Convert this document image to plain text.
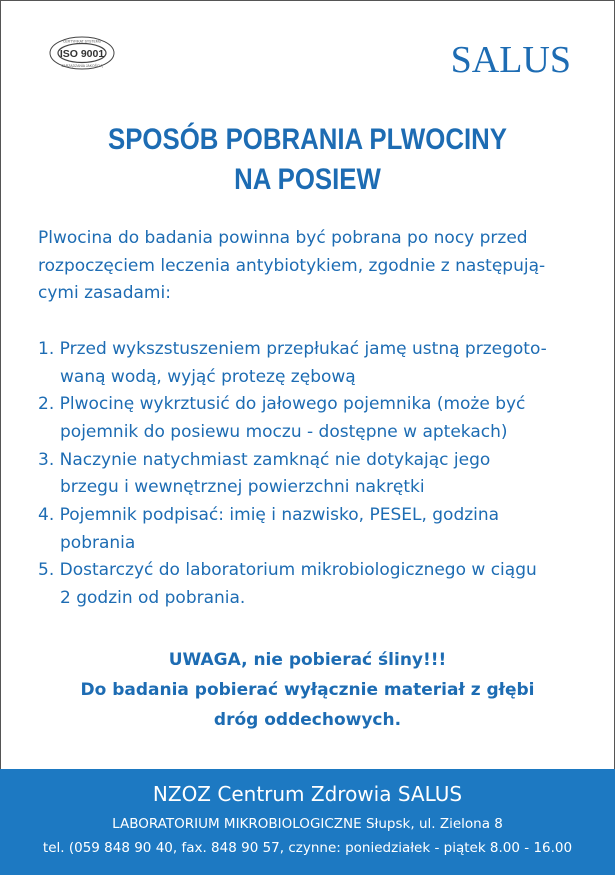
ISO 9001
CERTYFIKAT SYSTEMU
ZARZĄDZANIA JAKOŚCIĄ	SALUS
SPOSÓB POBRANIA PLWOCINY
NA POSIEW
Plwocina do badania powinna być pobrana po nocy przed
rozpoczęciem leczenia antybiotykiem, zgodnie z następują-
cymi zasadami:
1. Przed wykszstuszeniem przepłukać jamę ustną przegoto-
waną wodą, wyjąć protezę zębową
2. Plwocinę wykrztusić do jałowego pojemnika (może być
pojemnik do posiewu moczu - dostępne w aptekach)
3. Naczynie natychmiast zamknąć nie dotykając jego
brzegu i wewnętrznej powierzchni nakrętki
4. Pojemnik podpisać: imię i nazwisko, PESEL, godzina
pobrania
5. Dostarczyć do laboratorium mikrobiologicznego w ciągu
2 godzin od pobrania.
UWAGA, nie pobierać śliny!!!
Do badania pobierać wyłącznie materiał z głębi
dróg oddechowych.
NZOZ Centrum Zdrowia SALUS
LABORATORIUM MIKROBIOLOGICZNE Słupsk, ul. Zielona 8
tel. (059 848 90 40, fax. 848 90 57, czynne: poniedziałek - piątek 8.00 - 16.00
